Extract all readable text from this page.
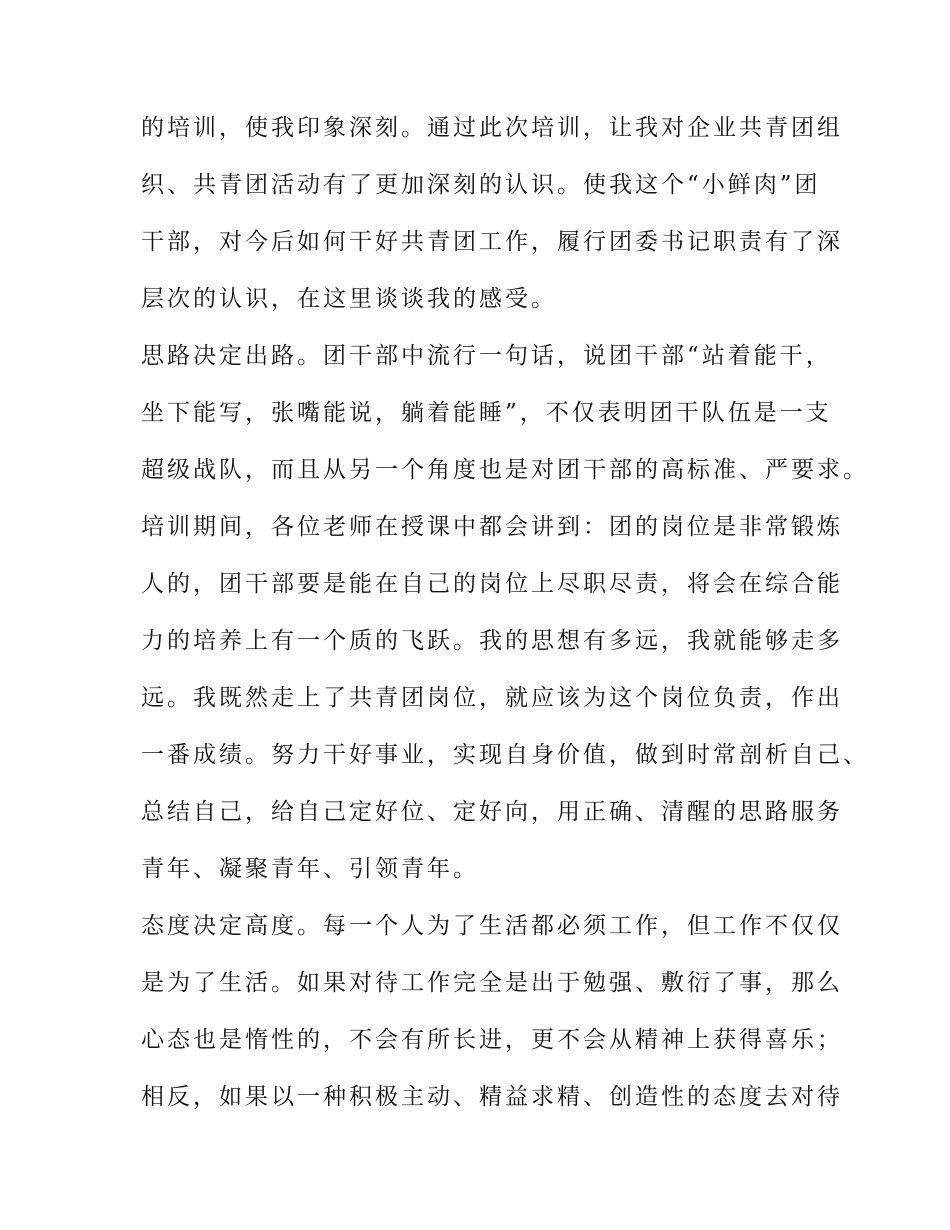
的培训，使我印象深刻。通过此次培训，让我对企业共青团组
织、共青团活动有了更加深刻的认识。使我这个“小鲜肉”团
干部，对今后如何干好共青团工作，履行团委书记职责有了深
层次的认识，在这里谈谈我的感受。
思路决定出路。团干部中流行一句话，说团干部“站着能干，
坐下能写，张嘴能说，躺着能睡”，不仅表明团干队伍是一支
超级战队，而且从另一个角度也是对团干部的高标准、严要求。
培训期间，各位老师在授课中都会讲到：团的岗位是非常锻炼
人的，团干部要是能在自己的岗位上尽职尽责，将会在综合能
力的培养上有一个质的飞跃。我的思想有多远，我就能够走多
远。我既然走上了共青团岗位，就应该为这个岗位负责，作出
一番成绩。努力干好事业，实现自身价值，做到时常剖析自己、
总结自己，给自己定好位、定好向，用正确、清醒的思路服务
青年、凝聚青年、引领青年。
态度决定高度。每一个人为了生活都必须工作，但工作不仅仅
是为了生活。如果对待工作完全是出于勉强、敷衍了事，那么
心态也是惰性的，不会有所长进，更不会从精神上获得喜乐；
相反，如果以一种积极主动、精益求精、创造性的态度去对待
